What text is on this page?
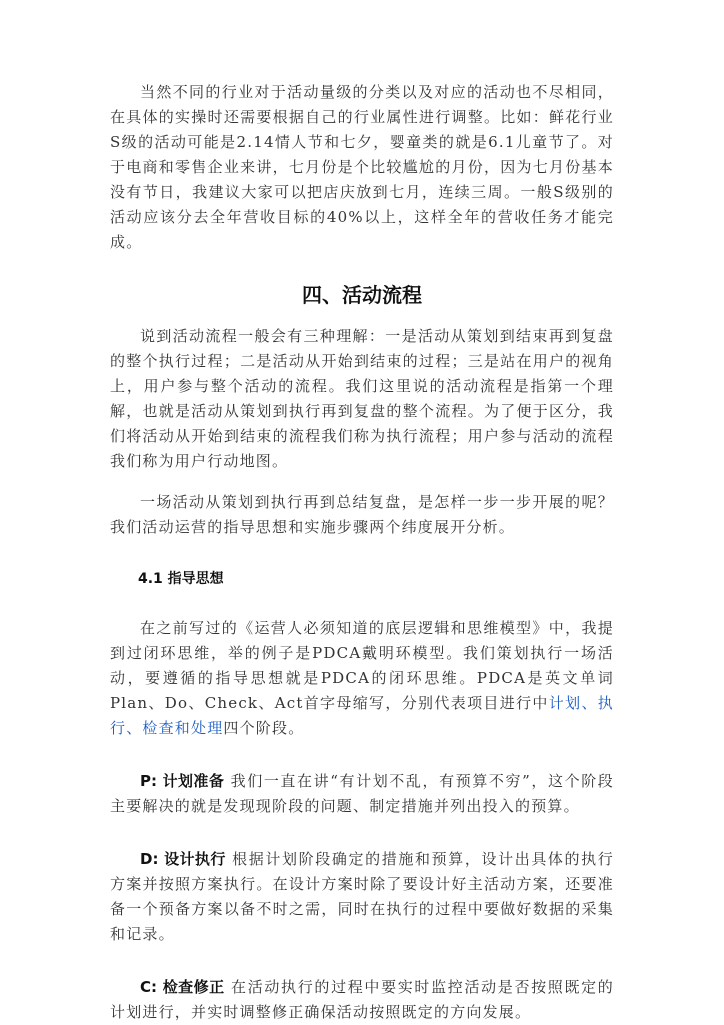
当然不同的行业对于活动量级的分类以及对应的活动也不尽相同，在具体的实操时还需要根据自己的行业属性进行调整。比如：鲜花行业S级的活动可能是2.14情人节和七夕，婴童类的就是6.1儿童节了。对于电商和零售企业来讲，七月份是个比较尴尬的月份，因为七月份基本没有节日，我建议大家可以把店庆放到七月，连续三周。一般S级别的活动应该分去全年营收目标的40%以上，这样全年的营收任务才能完成。

四、活动流程

说到活动流程一般会有三种理解：一是活动从策划到结束再到复盘的整个执行过程；二是活动从开始到结束的过程；三是站在用户的视角上，用户参与整个活动的流程。我们这里说的活动流程是指第一个理解，也就是活动从策划到执行再到复盘的整个流程。为了便于区分，我们将活动从开始到结束的流程我们称为执行流程；用户参与活动的流程我们称为用户行动地图。

一场活动从策划到执行再到总结复盘，是怎样一步一步开展的呢？我们活动运营的指导思想和实施步骤两个纬度展开分析。

4.1 指导思想

在之前写过的《运营人必须知道的底层逻辑和思维模型》中，我提到过闭环思维，举的例子是PDCA戴明环模型。我们策划执行一场活动，要遵循的指导思想就是PDCA的闭环思维。PDCA是英文单词Plan、Do、Check、Act首字母缩写，分别代表项目进行中计划、执行、检查和处理四个阶段。

P: 计划准备 我们一直在讲“有计划不乱，有预算不穷”，这个阶段主要解决的就是发现现阶段的问题、制定措施并列出投入的预算。

D: 设计执行 根据计划阶段确定的措施和预算，设计出具体的执行方案并按照方案执行。在设计方案时除了要设计好主活动方案，还要准备一个预备方案以备不时之需，同时在执行的过程中要做好数据的采集和记录。

C: 检查修正 在活动执行的过程中要实时监控活动是否按照既定的计划进行，并实时调整修正确保活动按照既定的方向发展。
